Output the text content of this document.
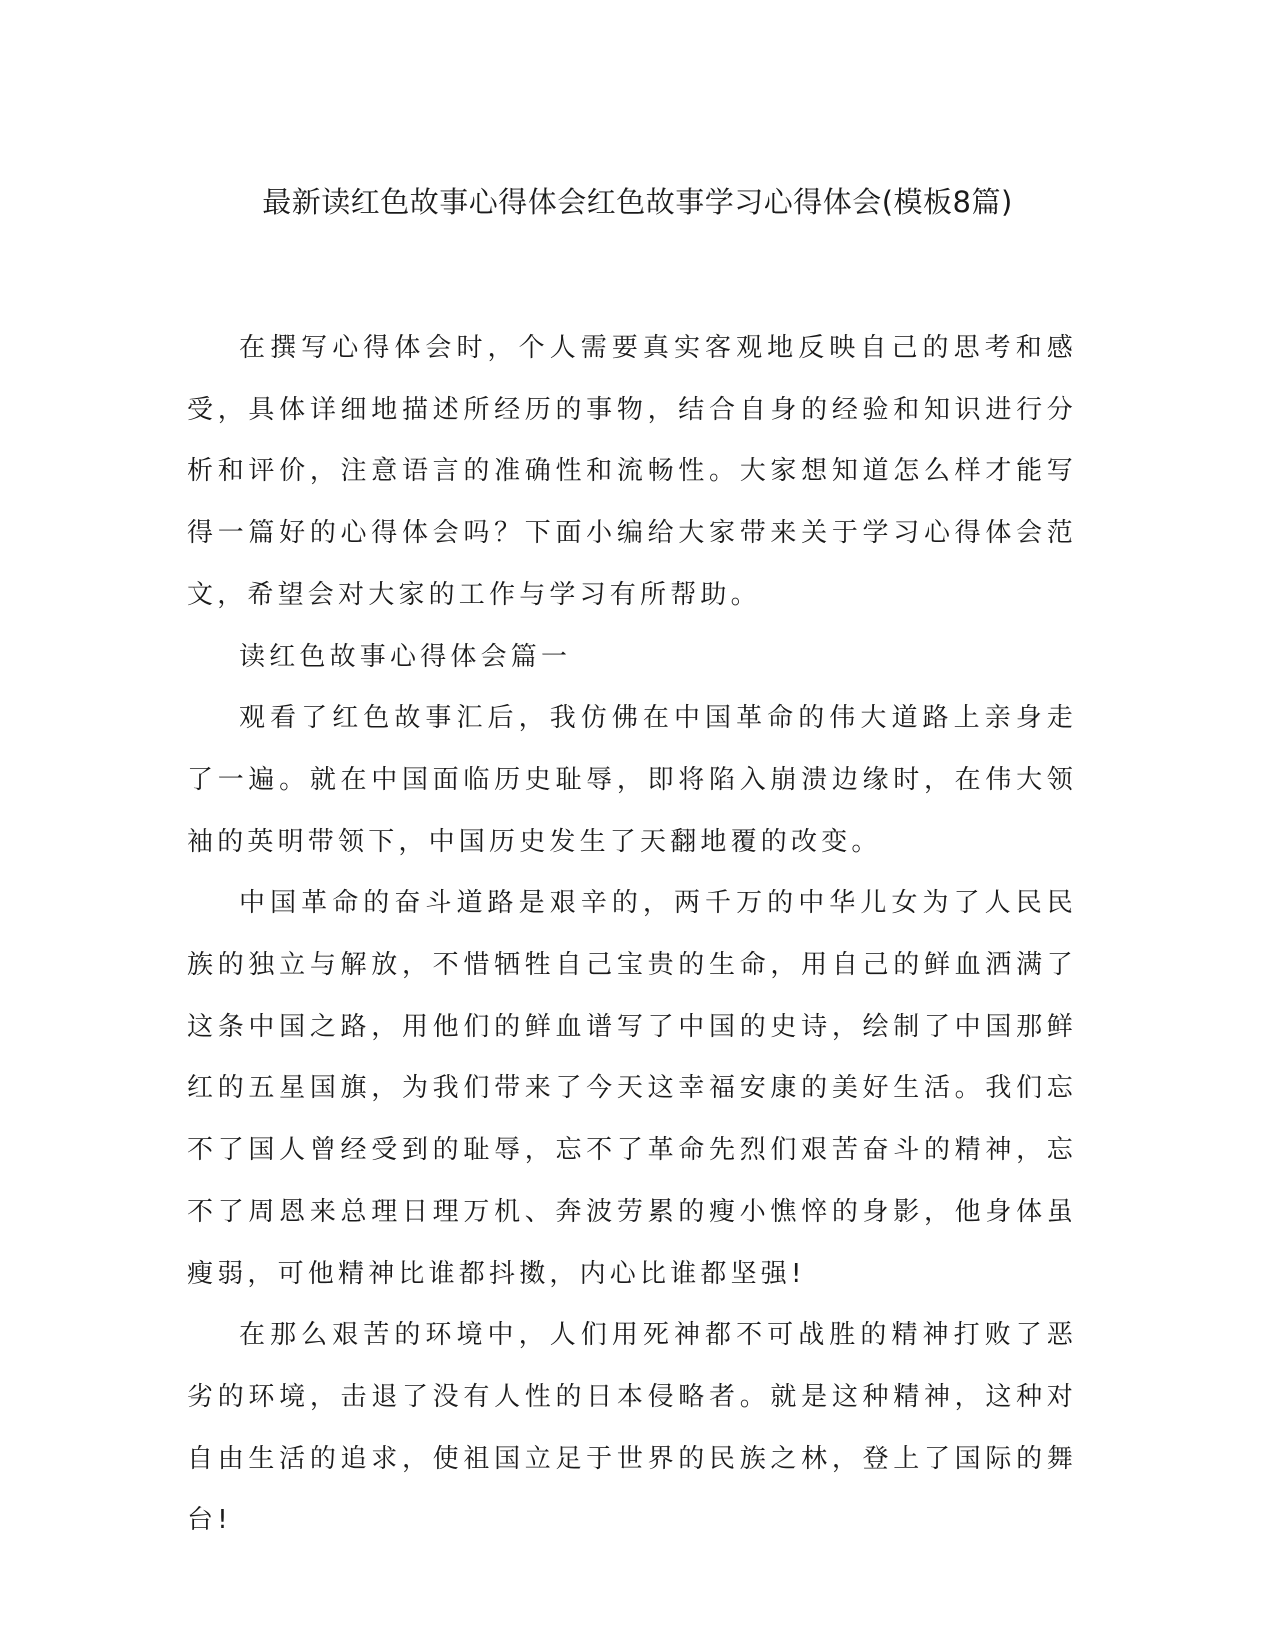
最新读红色故事心得体会红色故事学习心得体会(模板8篇)

在撰写心得体会时，个人需要真实客观地反映自己的思考和感受，具体详细地描述所经历的事物，结合自身的经验和知识进行分析和评价，注意语言的准确性和流畅性。大家想知道怎么样才能写得一篇好的心得体会吗？下面小编给大家带来关于学习心得体会范文，希望会对大家的工作与学习有所帮助。

读红色故事心得体会篇一

观看了红色故事汇后，我仿佛在中国革命的伟大道路上亲身走了一遍。就在中国面临历史耻辱，即将陷入崩溃边缘时，在伟大领袖的英明带领下，中国历史发生了天翻地覆的改变。

中国革命的奋斗道路是艰辛的，两千万的中华儿女为了人民民族的独立与解放，不惜牺牲自己宝贵的生命，用自己的鲜血洒满了这条中国之路，用他们的鲜血谱写了中国的史诗，绘制了中国那鲜红的五星国旗，为我们带来了今天这幸福安康的美好生活。我们忘不了国人曾经受到的耻辱，忘不了革命先烈们艰苦奋斗的精神，忘不了周恩来总理日理万机、奔波劳累的瘦小憔悴的身影，他身体虽瘦弱，可他精神比谁都抖擞，内心比谁都坚强!

在那么艰苦的环境中，人们用死神都不可战胜的精神打败了恶劣的环境，击退了没有人性的日本侵略者。就是这种精神，这种对自由生活的追求，使祖国立足于世界的民族之林，登上了国际的舞台!
